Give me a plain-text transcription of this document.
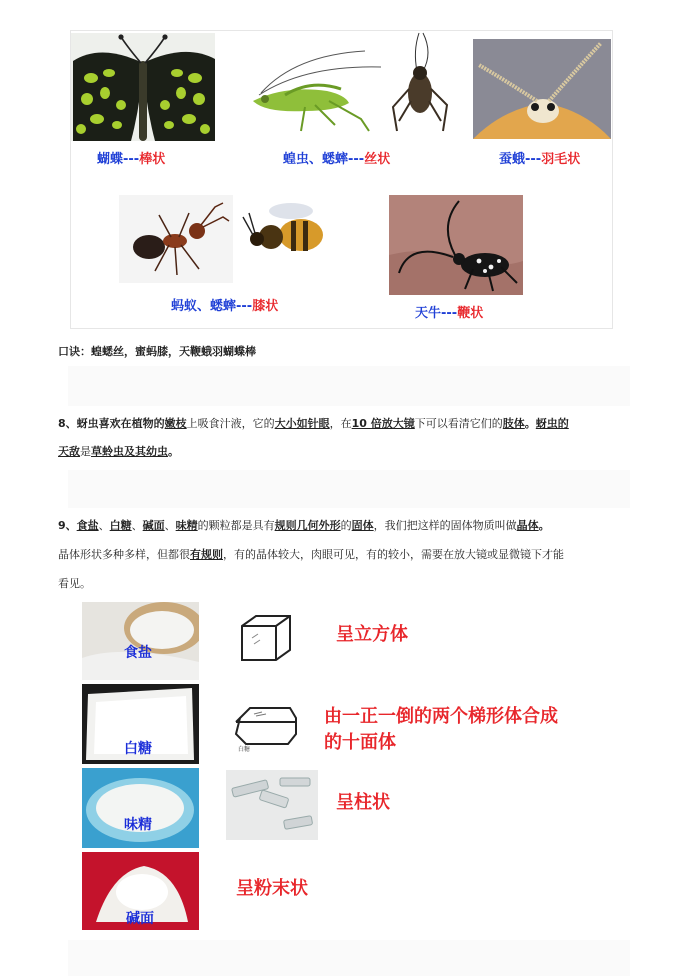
蝴蝶---棒状	蝗虫、蟋蟀---丝状	蚕蛾---羽毛状
蚂蚁、蟋蟀---膝状	天牛---鞭状
口诀：蝗蟋丝，蜜蚂膝，天鞭蛾羽蝴蝶棒
8、蚜虫喜欢在植物的嫩枝上吸食汁液，它的大小如针眼，在10 倍放大镜下可以看清它们的肢体。蚜虫的
天敌是草蛉虫及其幼虫。
9、食盐、白糖、碱面、味精的颗粒都是具有规则几何外形的固体，我们把这样的固体物质叫做晶体。
晶体形状多种多样，但都很有规则，有的晶体较大，肉眼可见，有的较小，需要在放大镜或显微镜下才能
看见。
食盐
呈立方体
白糖	白糖
由一正一倒的两个梯形体合成
的十面体
味精
呈柱状
碱面
呈粉末状
